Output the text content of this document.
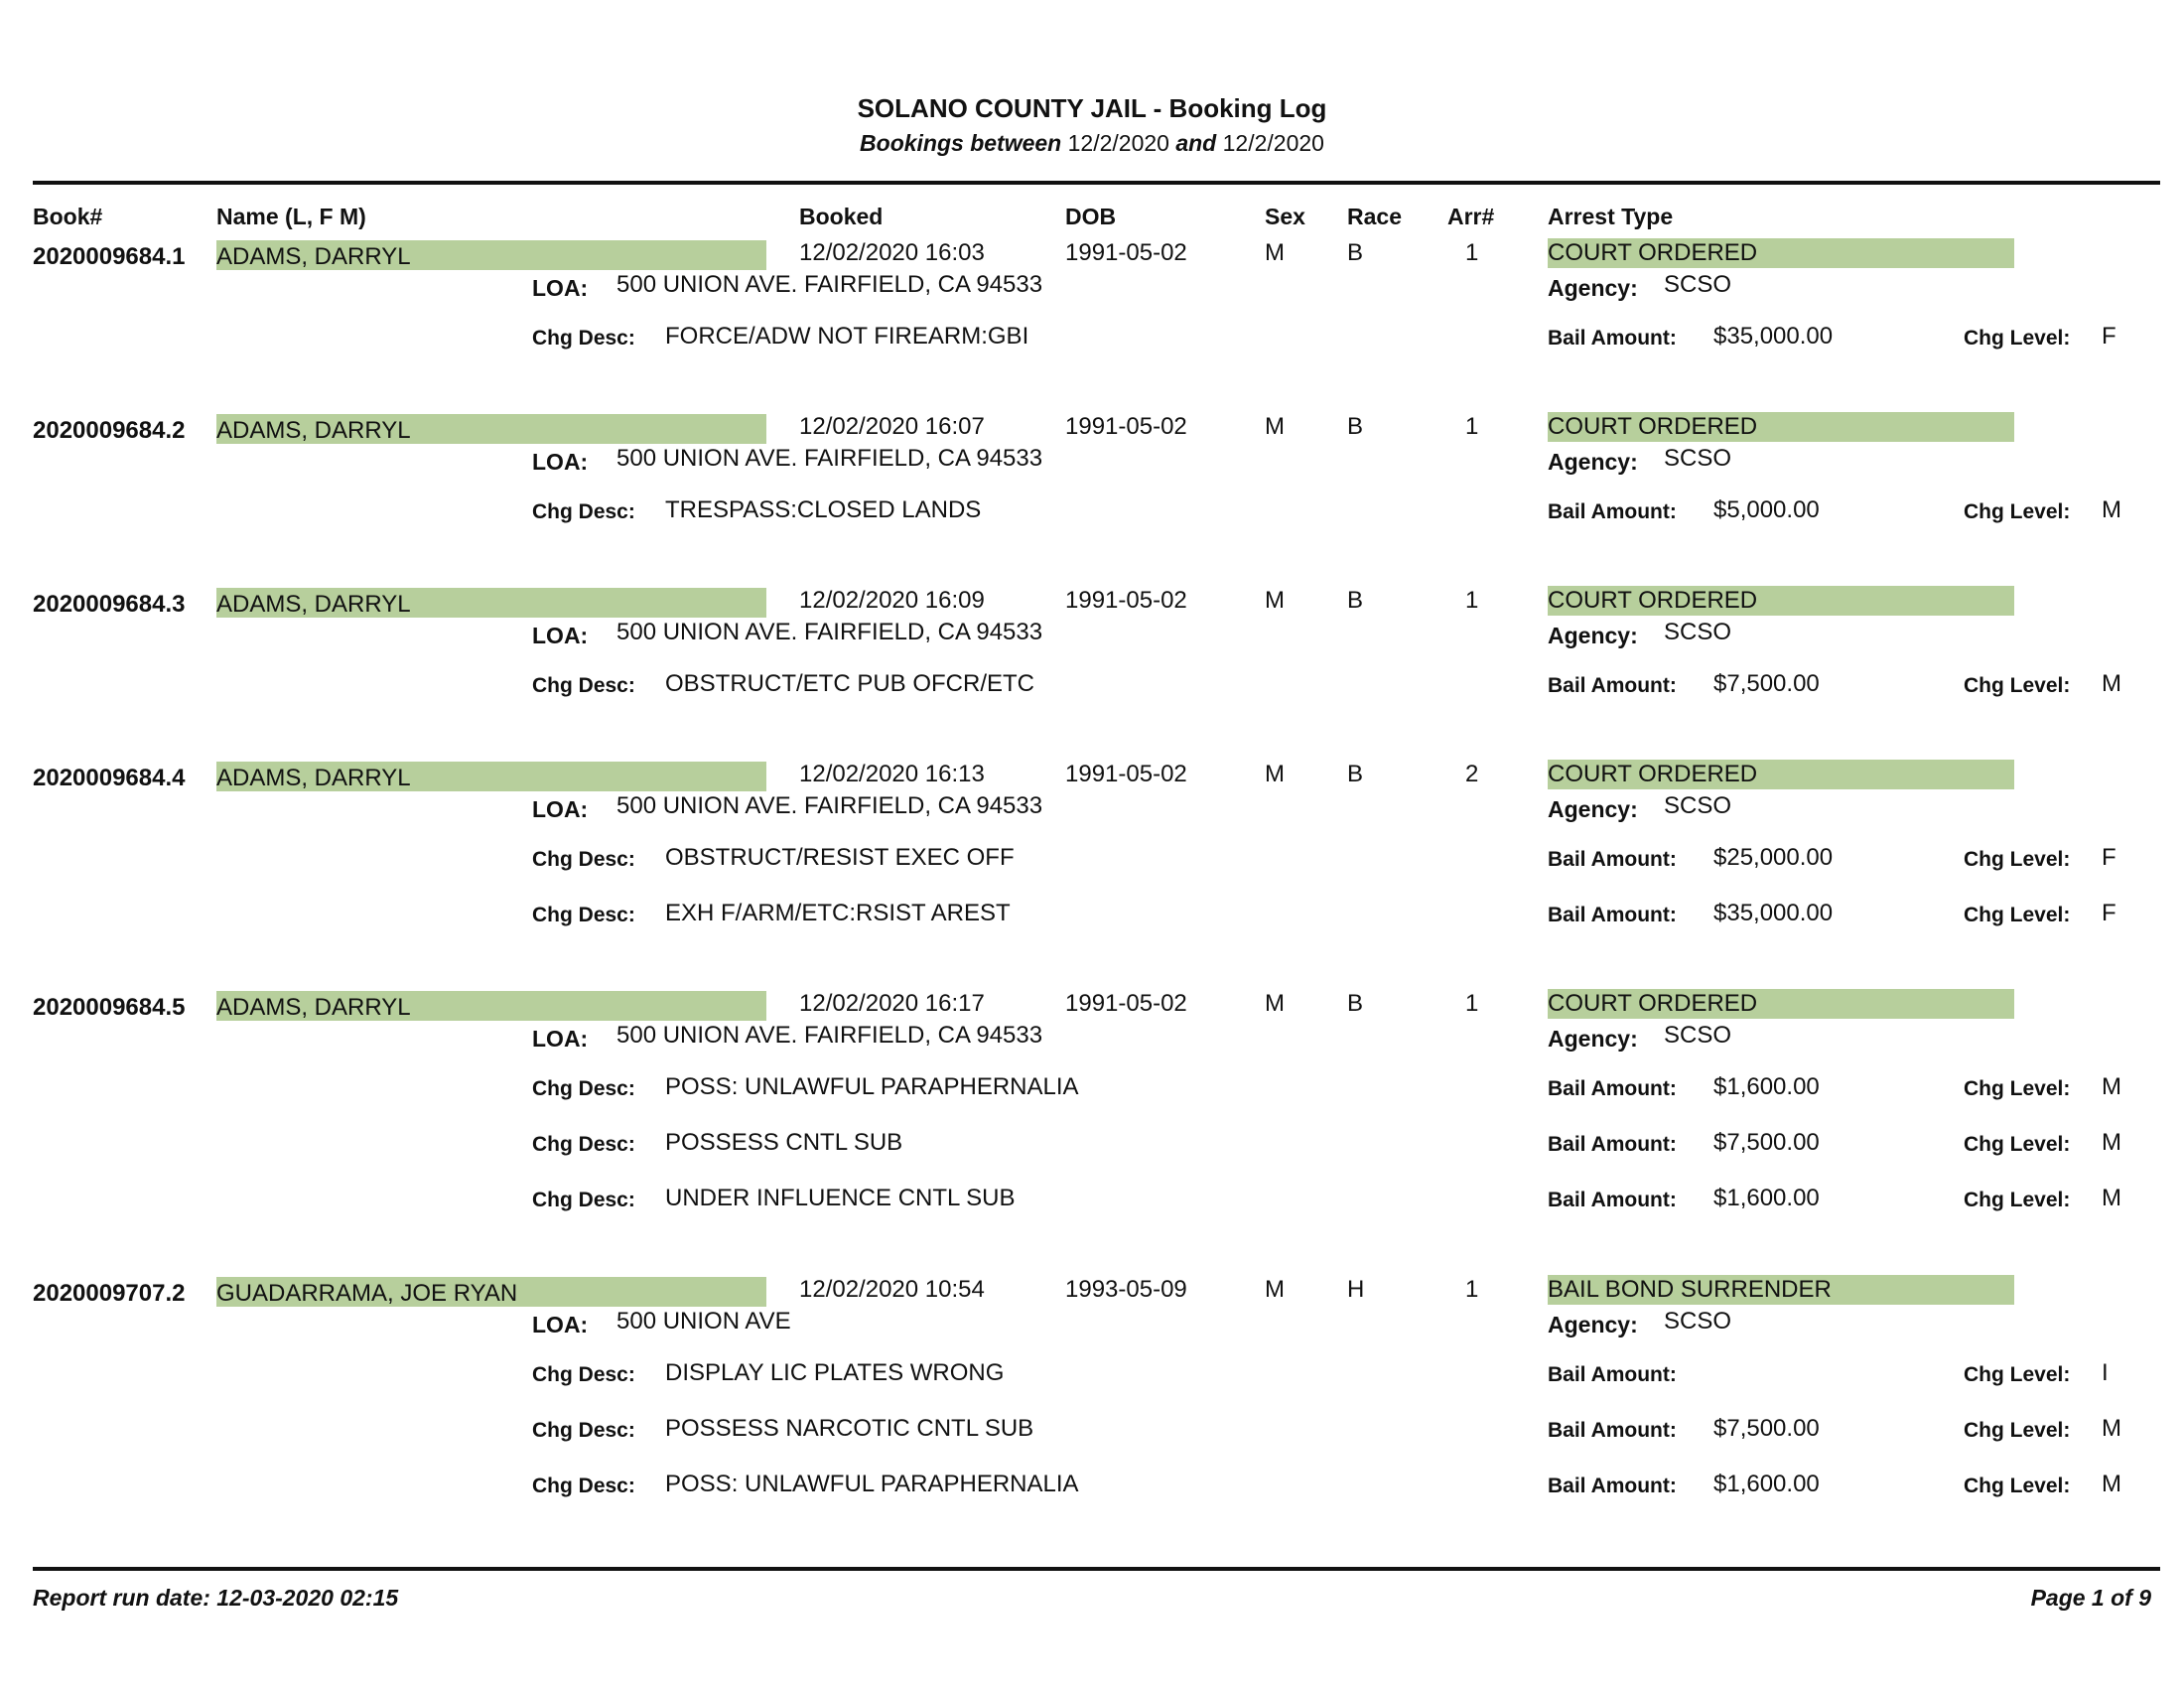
SOLANO COUNTY JAIL - Booking Log
Bookings between 12/2/2020 and 12/2/2020
Book#	Name (L, F M)	Booked	DOB	Sex Race Arr# Arrest Type
2020009684.1 ADAMS, DARRYL	12/02/2020 16:03	1991-05-02	M	B	1	COURT ORDERED
LOA: 500 UNION AVE. FAIRFIELD, CA 94533	Agency: SCSO
Chg Desc: FORCE/ADW NOT FIREARM:GBI	Bail Amount: $35,000.00	Chg Level: F
2020009684.2 ADAMS, DARRYL	12/02/2020 16:07	1991-05-02	M	B	1	COURT ORDERED
LOA: 500 UNION AVE. FAIRFIELD, CA 94533	Agency: SCSO
Chg Desc: TRESPASS:CLOSED LANDS	Bail Amount: $5,000.00	Chg Level: M
2020009684.3 ADAMS, DARRYL	12/02/2020 16:09	1991-05-02	M	B	1	COURT ORDERED
LOA: 500 UNION AVE. FAIRFIELD, CA 94533	Agency: SCSO
Chg Desc: OBSTRUCT/ETC PUB OFCR/ETC	Bail Amount: $7,500.00	Chg Level: M
2020009684.4 ADAMS, DARRYL	12/02/2020 16:13	1991-05-02	M	B	2	COURT ORDERED
LOA: 500 UNION AVE. FAIRFIELD, CA 94533	Agency: SCSO
Chg Desc: OBSTRUCT/RESIST EXEC OFF	Bail Amount: $25,000.00	Chg Level: F
Chg Desc: EXH F/ARM/ETC:RSIST AREST	Bail Amount: $35,000.00	Chg Level: F
2020009684.5 ADAMS, DARRYL	12/02/2020 16:17	1991-05-02	M	B	1	COURT ORDERED
LOA: 500 UNION AVE. FAIRFIELD, CA 94533	Agency: SCSO
Chg Desc: POSS: UNLAWFUL PARAPHERNALIA	Bail Amount: $1,600.00	Chg Level: M
Chg Desc: POSSESS CNTL SUB	Bail Amount: $7,500.00	Chg Level: M
Chg Desc: UNDER INFLUENCE CNTL SUB	Bail Amount: $1,600.00	Chg Level: M
2020009707.2 GUADARRAMA, JOE RYAN	12/02/2020 10:54	1993-05-09	M	H	1	BAIL BOND SURRENDER
LOA: 500 UNION AVE	Agency: SCSO
Chg Desc: DISPLAY LIC PLATES WRONG	Bail Amount:	Chg Level: I
Chg Desc: POSSESS NARCOTIC CNTL SUB	Bail Amount: $7,500.00	Chg Level: M
Chg Desc: POSS: UNLAWFUL PARAPHERNALIA	Bail Amount: $1,600.00	Chg Level: M
Report run date: 12-03-2020 02:15	Page 1 of 9
